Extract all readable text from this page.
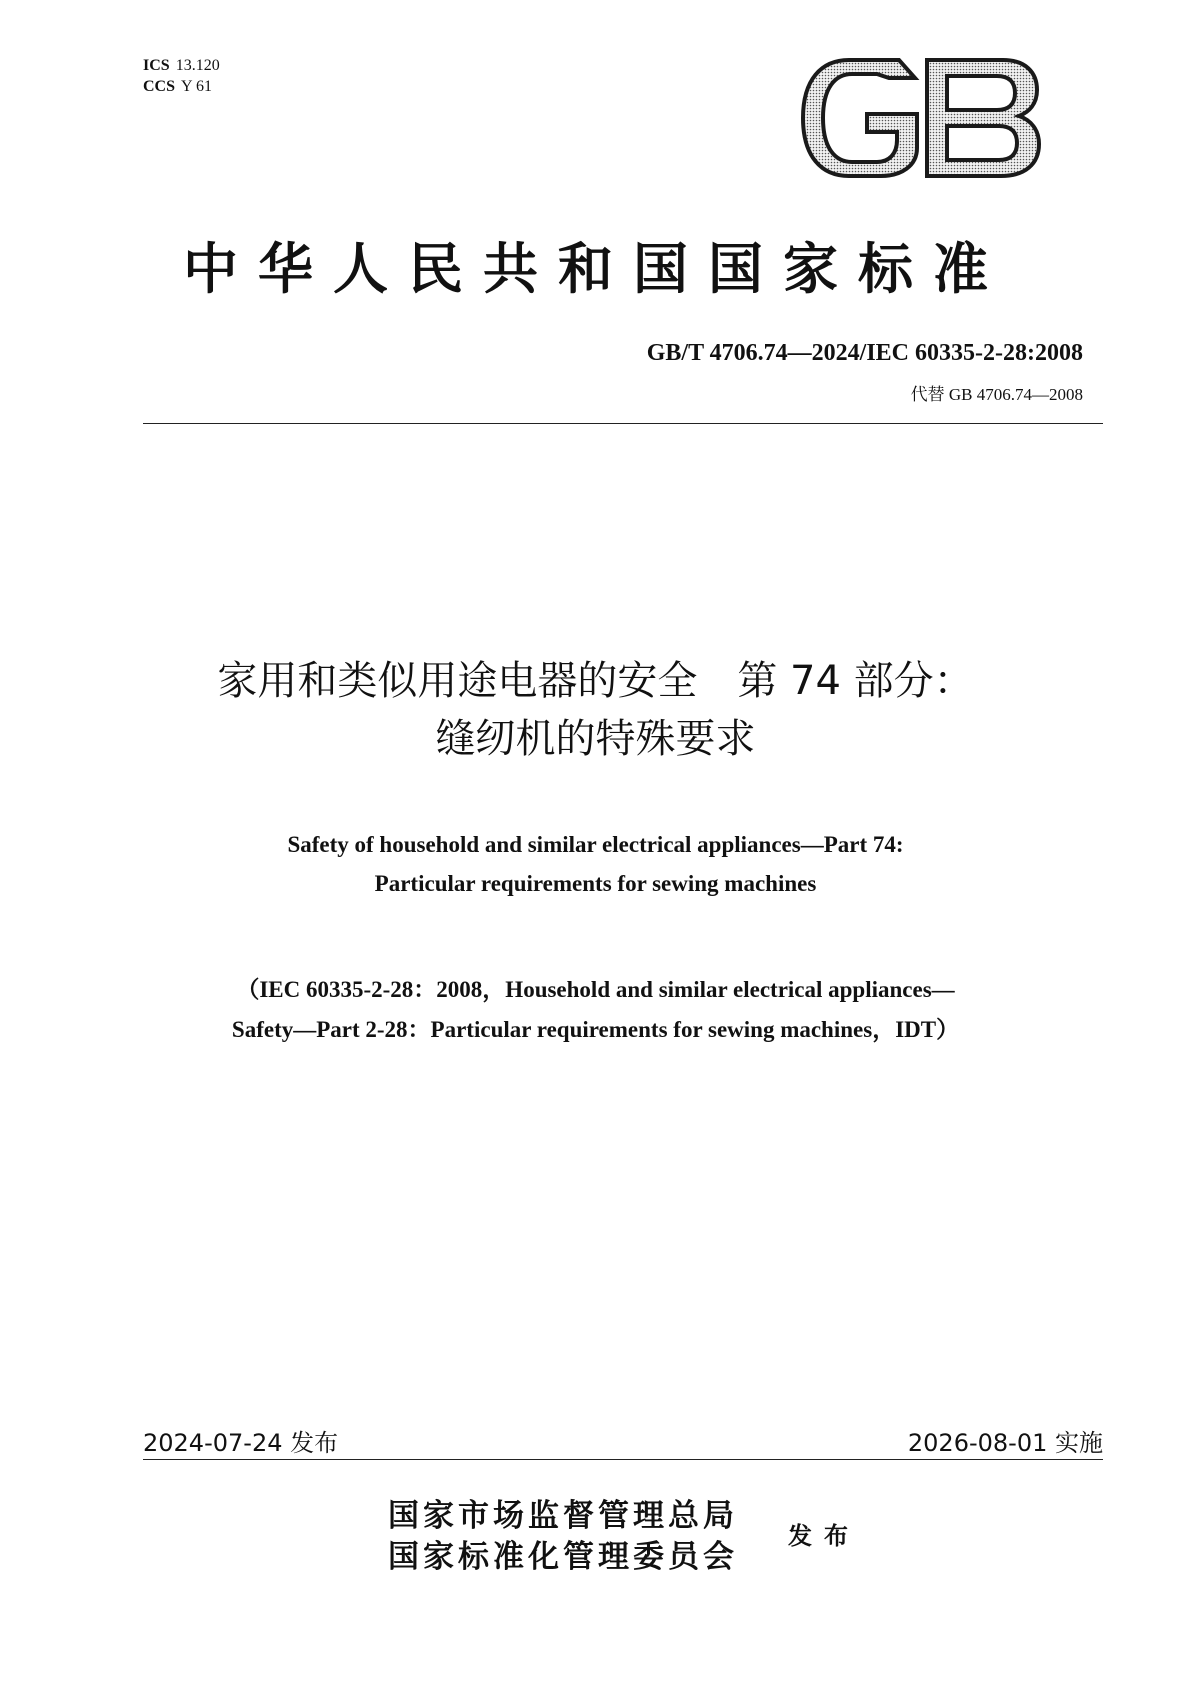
ICS 13.120
CCS Y 61
中华人民共和国国家标准
GB/T 4706.74—2024/IEC 60335-2-28:2008
代替 GB 4706.74—2008
家用和类似用途电器的安全　第 74 部分：
缝纫机的特殊要求
Safety of household and similar electrical appliances—Part 74:
Particular requirements for sewing machines
（IEC 60335-2-28：2008，Household and similar electrical appliances—
Safety—Part 2-28：Particular requirements for sewing machines，IDT）
2024-07-24 发布	2026-08-01 实施
国家市场监督管理总局
国家标准化管理委员会
发布
